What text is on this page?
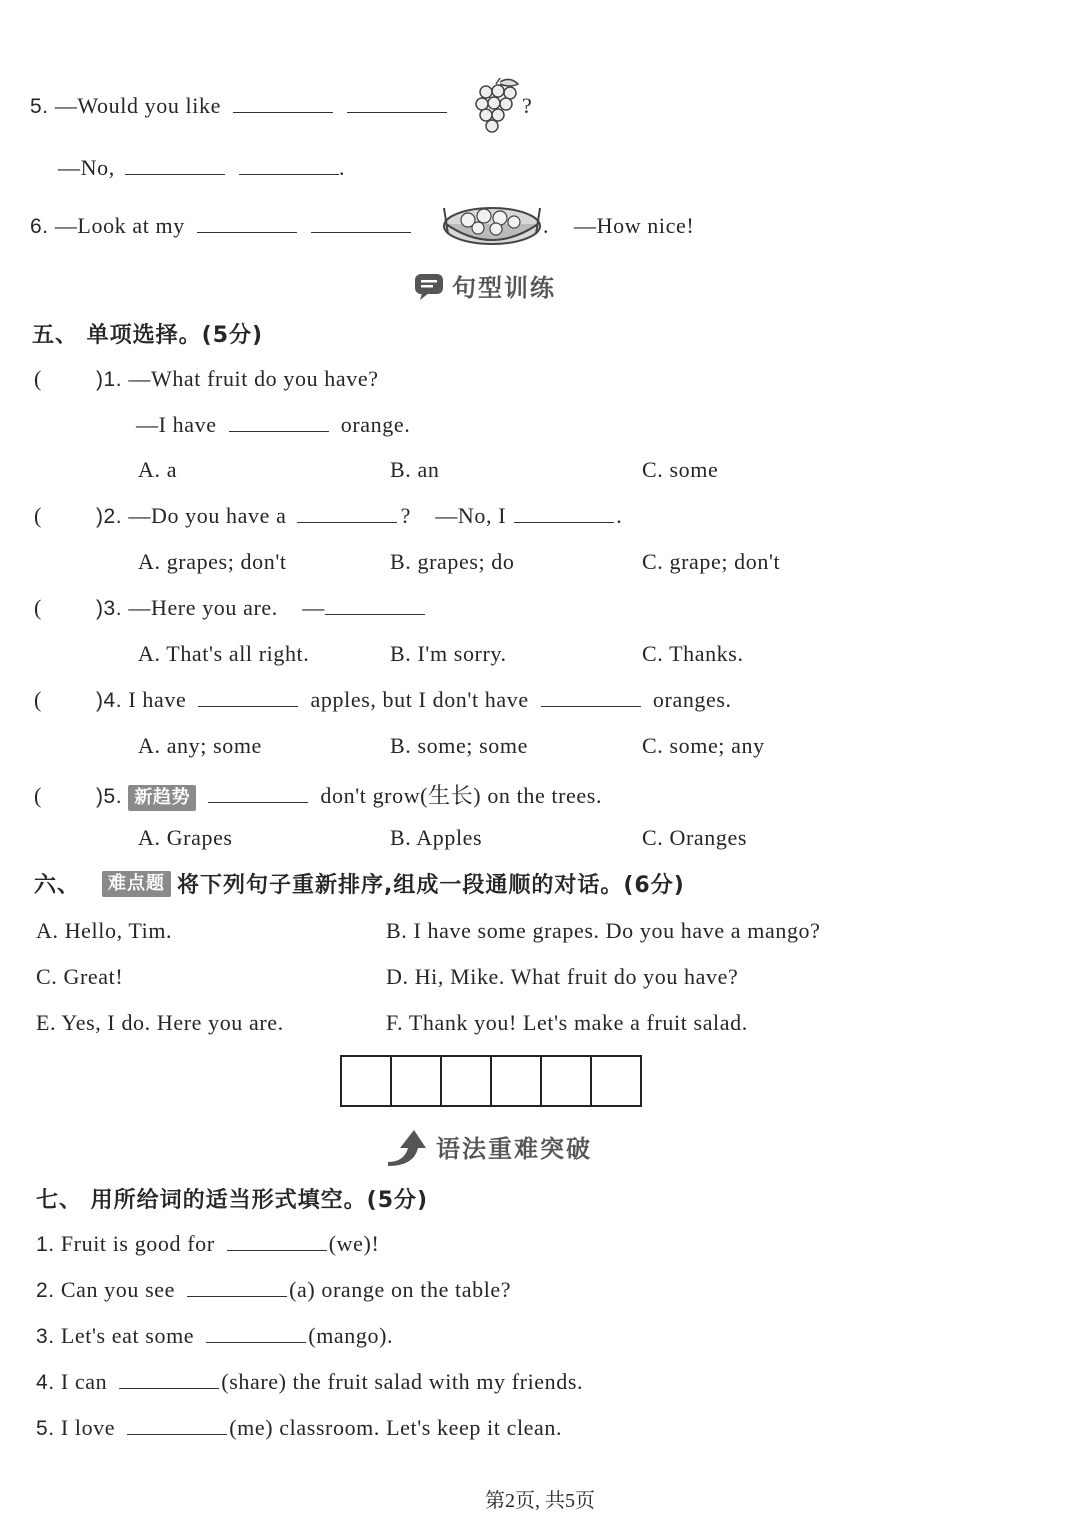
5. —Would you like	?
—No,	.
6. —Look at my	. —How nice!
句型训练
五、 单项选择。(5分)
(	)1. —What fruit do you have?
—I have	orange.
A. a	B. an	C. some
(	)2. —Do you have a	?    —No, I	.
A. grapes; don't	B. grapes; do	C. grape; don't
(	)3. —Here you are.    —
A. That's all right.	B. I'm sorry.	C. Thanks.
(	)4. I have	apples, but I don't have	oranges.
A. any; some	B. some; some	C. some; any
(	)5. 新趋势	don't grow(生长) on the trees.
A. Grapes	B. Apples	C. Oranges
六、	难点题 将下列句子重新排序,组成一段通顺的对话。(6分)
A. Hello, Tim.	B. I have some grapes. Do you have a mango?
C. Great!	D. Hi, Mike. What fruit do you have?
E. Yes, I do. Here you are.	F. Thank you! Let's make a fruit salad.
语法重难突破
七、 用所给词的适当形式填空。(5分)
1. Fruit is good for	(we)!
2. Can you see	(a) orange on the table?
3. Let's eat some	(mango).
4. I can	(share) the fruit salad with my friends.
5. I love	(me) classroom. Let's keep it clean.
第2页, 共5页
